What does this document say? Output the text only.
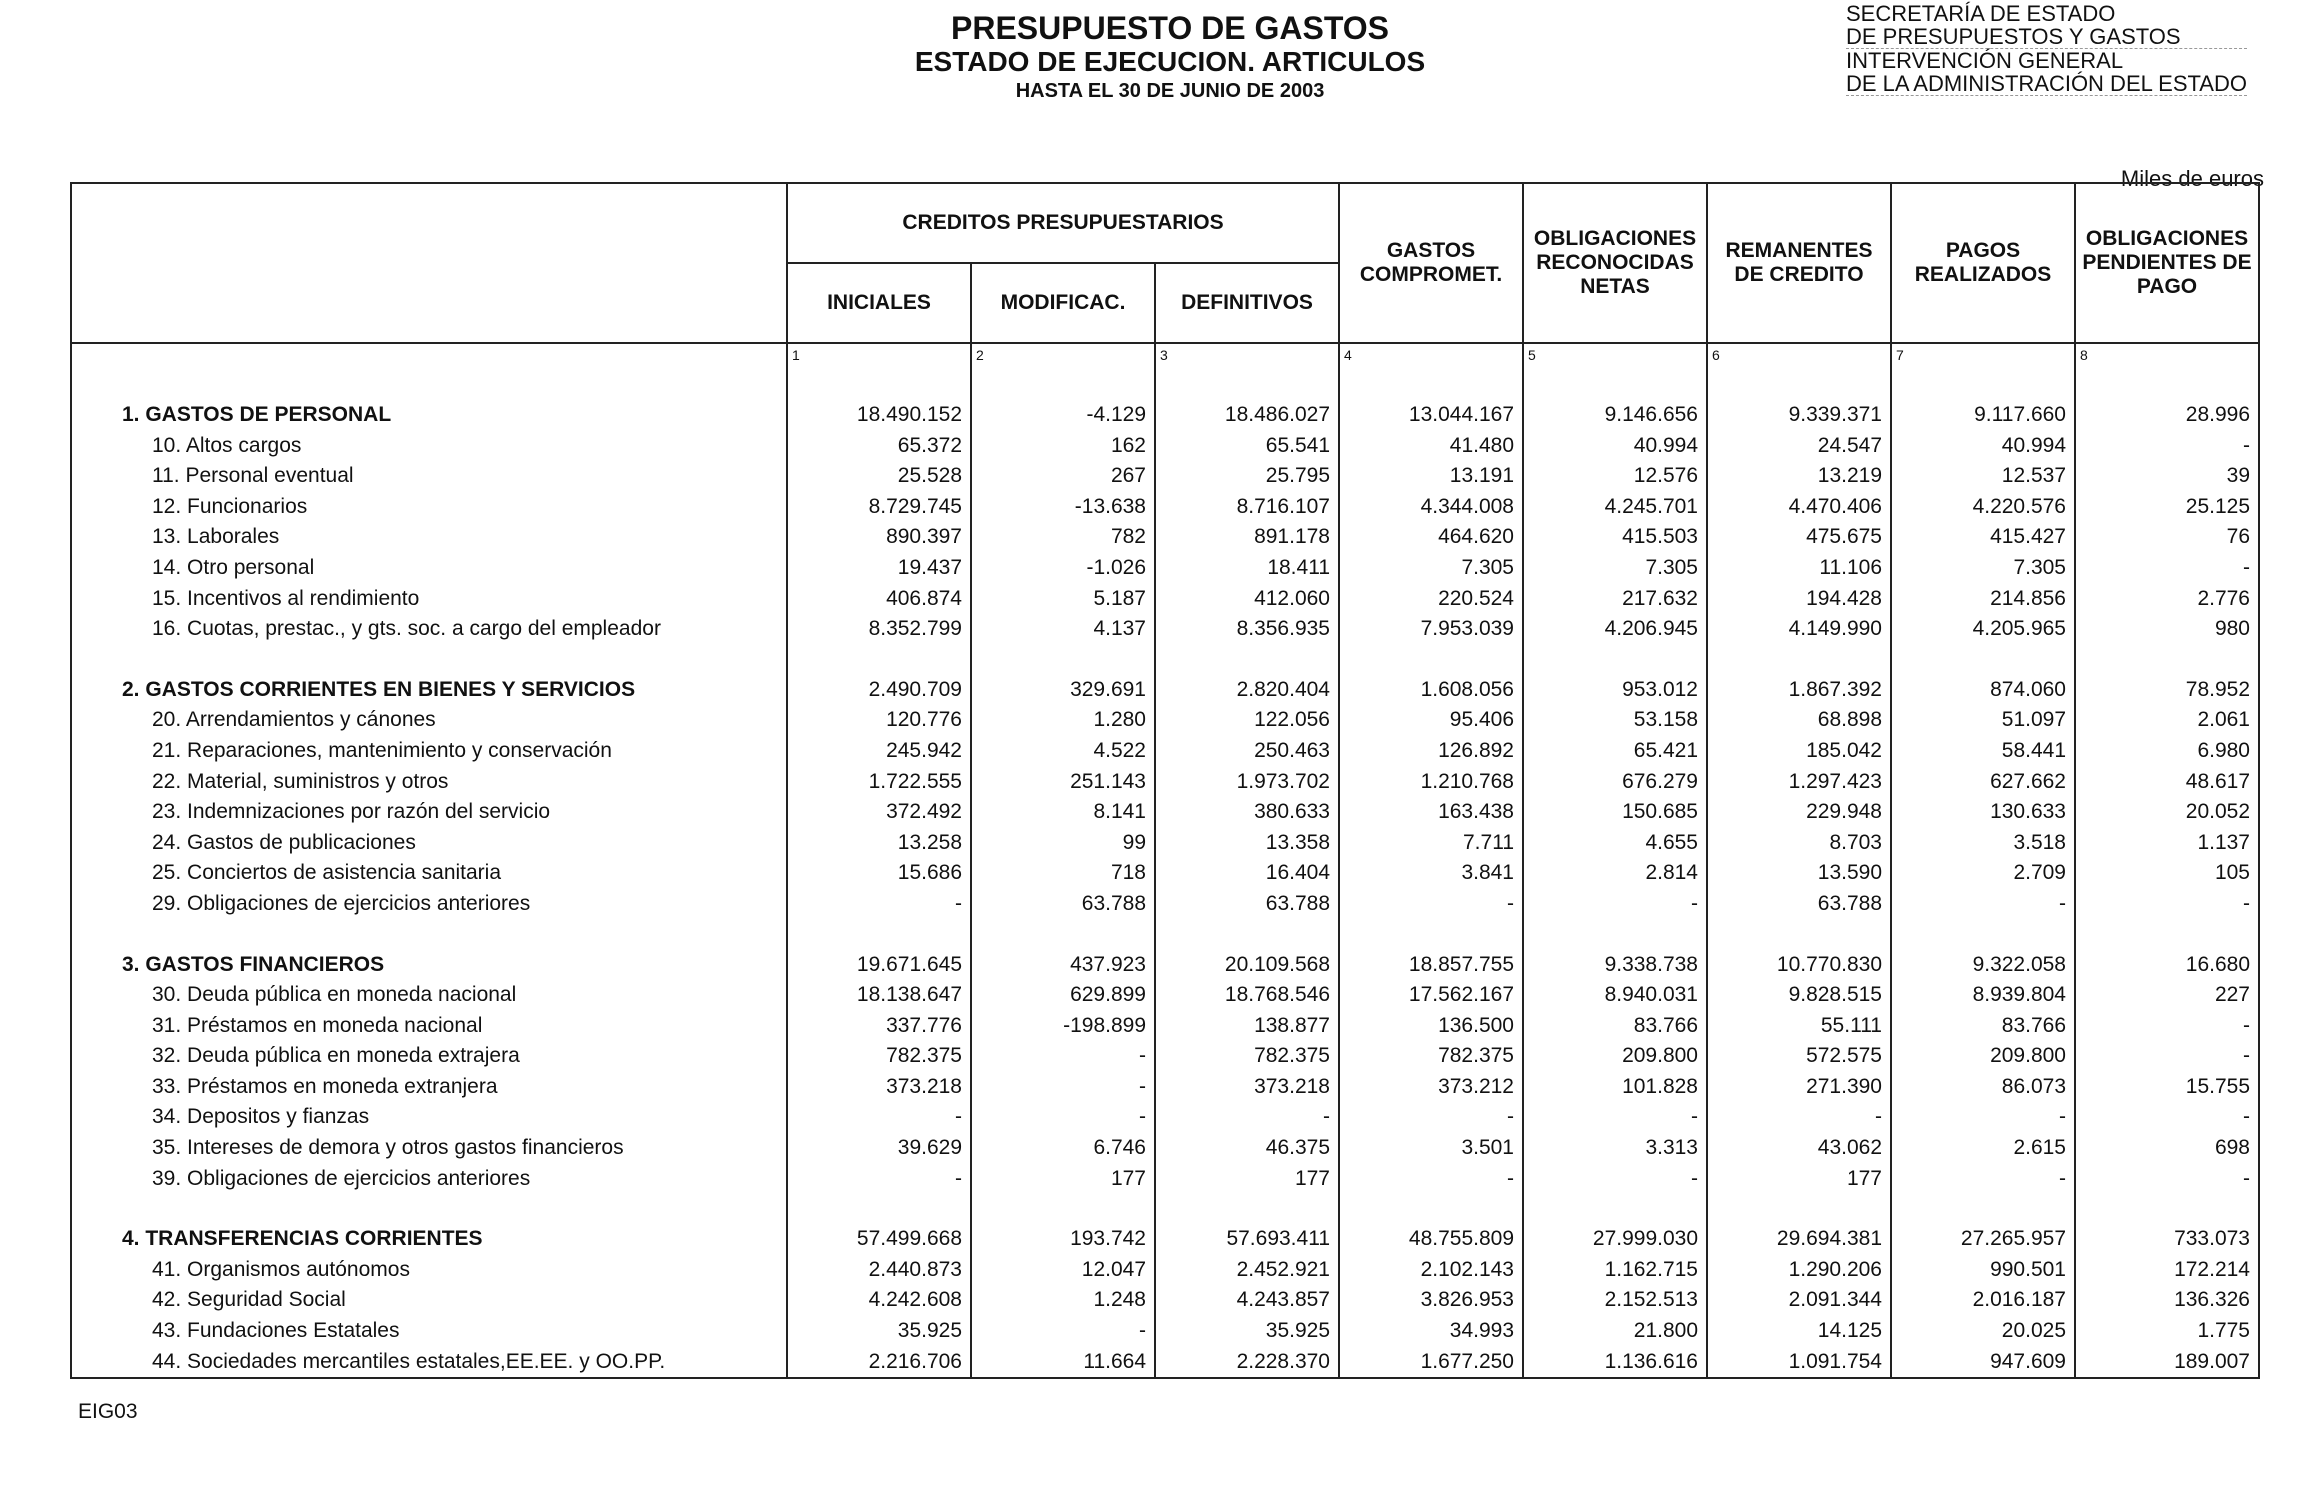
PRESUPUESTO DE GASTOS
ESTADO DE EJECUCION. ARTICULOS
HASTA EL 30 DE JUNIO DE 2003
SECRETARÍA DE ESTADO
DE PRESUPUESTOS Y GASTOS
INTERVENCIÓN GENERAL
DE LA ADMINISTRACIÓN DEL ESTADO
Miles de euros
	CREDITOS PRESUPUESTARIOS			GASTOS COMPROMET.	OBLIGACIONES RECONOCIDAS NETAS	REMANENTES DE CREDITO	PAGOS REALIZADOS	OBLIGACIONES PENDIENTES DE PAGO
	INICIALES	MODIFICAC.	DEFINITIVOS					
	1	2	3	4	5	6	7	8

1. GASTOS DE PERSONAL	18.490.152	-4.129	18.486.027	13.044.167	9.146.656	9.339.371	9.117.660	28.996
10. Altos cargos	65.372	162	65.541	41.480	40.994	24.547	40.994	-
11. Personal eventual	25.528	267	25.795	13.191	12.576	13.219	12.537	39
12. Funcionarios	8.729.745	-13.638	8.716.107	4.344.008	4.245.701	4.470.406	4.220.576	25.125
13. Laborales	890.397	782	891.178	464.620	415.503	475.675	415.427	76
14. Otro personal	19.437	-1.026	18.411	7.305	7.305	11.106	7.305	-
15. Incentivos al rendimiento	406.874	5.187	412.060	220.524	217.632	194.428	214.856	2.776
16. Cuotas, prestac., y gts. soc. a cargo del empleador	8.352.799	4.137	8.356.935	7.953.039	4.206.945	4.149.990	4.205.965	980

2. GASTOS CORRIENTES EN BIENES Y SERVICIOS	2.490.709	329.691	2.820.404	1.608.056	953.012	1.867.392	874.060	78.952
20. Arrendamientos y cánones	120.776	1.280	122.056	95.406	53.158	68.898	51.097	2.061
21. Reparaciones, mantenimiento y conservación	245.942	4.522	250.463	126.892	65.421	185.042	58.441	6.980
22. Material, suministros y otros	1.722.555	251.143	1.973.702	1.210.768	676.279	1.297.423	627.662	48.617
23. Indemnizaciones por razón del servicio	372.492	8.141	380.633	163.438	150.685	229.948	130.633	20.052
24. Gastos de publicaciones	13.258	99	13.358	7.711	4.655	8.703	3.518	1.137
25. Conciertos de asistencia sanitaria	15.686	718	16.404	3.841	2.814	13.590	2.709	105
29. Obligaciones de ejercicios anteriores	-	63.788	63.788	-	-	63.788	-	-

3. GASTOS FINANCIEROS	19.671.645	437.923	20.109.568	18.857.755	9.338.738	10.770.830	9.322.058	16.680
30. Deuda pública en moneda nacional	18.138.647	629.899	18.768.546	17.562.167	8.940.031	9.828.515	8.939.804	227
31. Préstamos en moneda nacional	337.776	-198.899	138.877	136.500	83.766	55.111	83.766	-
32. Deuda pública en moneda extrajera	782.375	-	782.375	782.375	209.800	572.575	209.800	-
33. Préstamos en moneda extranjera	373.218	-	373.218	373.212	101.828	271.390	86.073	15.755
34. Depositos y fianzas	-	-	-	-	-	-	-	-
35. Intereses de demora y otros gastos financieros	39.629	6.746	46.375	3.501	3.313	43.062	2.615	698
39. Obligaciones de ejercicios anteriores	-	177	177	-	-	177	-	-

4. TRANSFERENCIAS CORRIENTES	57.499.668	193.742	57.693.411	48.755.809	27.999.030	29.694.381	27.265.957	733.073
41. Organismos autónomos	2.440.873	12.047	2.452.921	2.102.143	1.162.715	1.290.206	990.501	172.214
42. Seguridad Social	4.242.608	1.248	4.243.857	3.826.953	2.152.513	2.091.344	2.016.187	136.326
43. Fundaciones Estatales	35.925	-	35.925	34.993	21.800	14.125	20.025	1.775
44. Sociedades mercantiles estatales,EE.EE. y OO.PP.	2.216.706	11.664	2.228.370	1.677.250	1.136.616	1.091.754	947.609	189.007
EIG03
